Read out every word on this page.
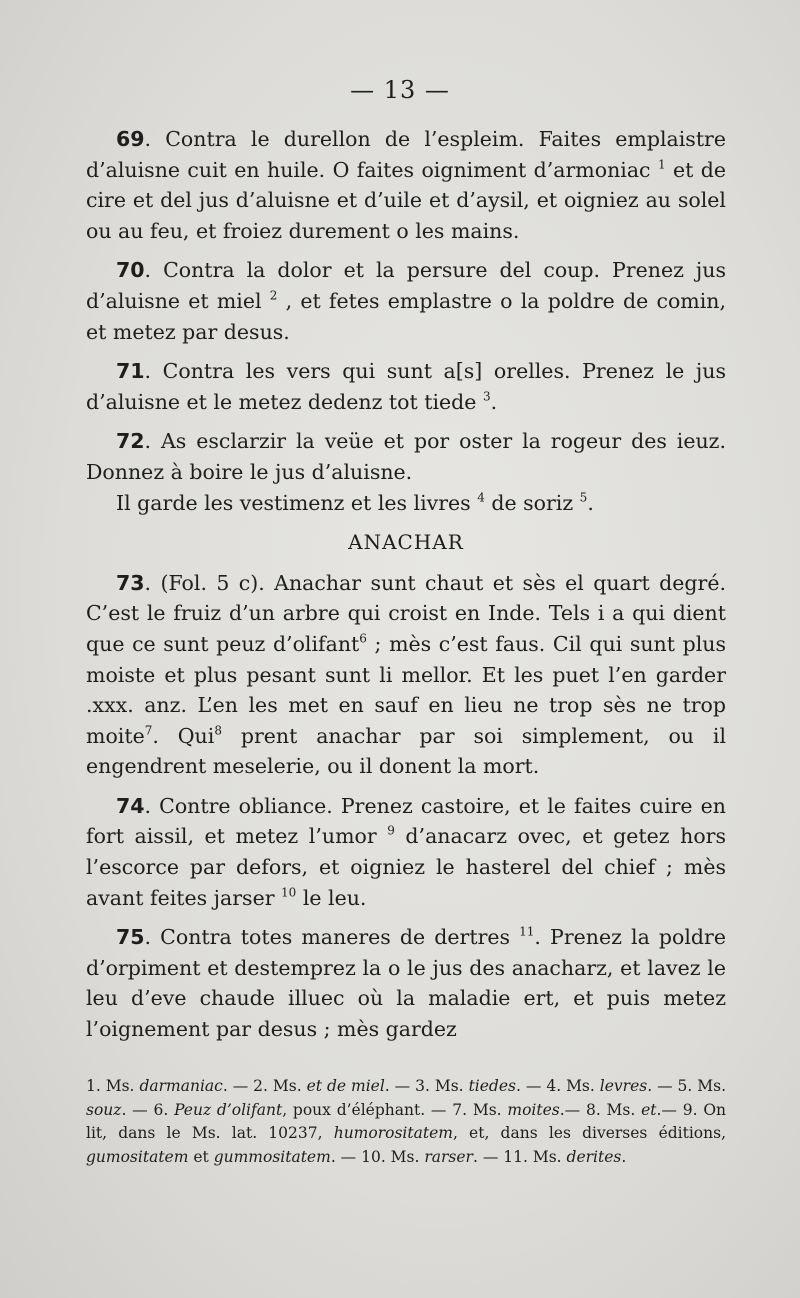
— 13 —

69. Contra le durellon de l’espleim. Faites emplaistre d’aluisne cuit en huile. O faites oigniment d’armoniac $^1$ et de cire et del jus d’aluisne et d’uile et d’aysil, et oigniez au solel ou au feu, et froiez durement o les mains.

70. Contra la dolor et la persure del coup. Prenez jus d’aluisne et miel $^2$ , et fetes emplastre o la poldre de comin, et metez par desus.

71. Contra les vers qui sunt a[s] orelles. Prenez le jus d’aluisne et le metez dedenz tot tiede $^3$.

72. As esclarzir la veüe et por oster la rogeur des ieuz. Donnez à boire le jus d’aluisne.

Il garde les vestimenz et les livres $^4$ de soriz $^5$.

ANACHAR

73. (Fol. 5 c). Anachar sunt chaut et sès el quart degré. C’est le fruiz d’un arbre qui croist en Inde. Tels i a qui dient que ce sunt peuz d’olifant$^6$ ; mès c’est faus. Cil qui sunt plus moiste et plus pesant sunt li mellor. Et les puet l’en garder .xxx. anz. L’en les met en sauf en lieu ne trop sès ne trop moite$^7$. Qui$^8$ prent anachar par soi simplement, ou il engendrent meselerie, ou il donent la mort.

74. Contre obliance. Prenez castoire, et le faites cuire en fort aissil, et metez l’umor $^9$ d’anacarz ovec, et getez hors l’escorce par defors, et oigniez le hasterel del chief ; mès avant feites jarser $^{10}$ le leu.

75. Contra totes maneres de dertres $^{11}$. Prenez la poldre d’orpiment et destemprez la o le jus des anacharz, et lavez le leu d’eve chaude illuec où la maladie ert, et puis metez l’oignement par desus ; mès gardez

1. Ms. darmaniac. — 2. Ms. et de miel. — 3. Ms. tiedes. — 4. Ms. levres. — 5. Ms. souz. — 6. Peuz d’olifant, poux d’éléphant. — 7. Ms. moites.— 8. Ms. et.— 9. On lit, dans le Ms. lat. 10237, humorositatem, et, dans les diverses éditions, gumositatem et gummositatem. — 10. Ms. rarser. — 11. Ms. derites.
